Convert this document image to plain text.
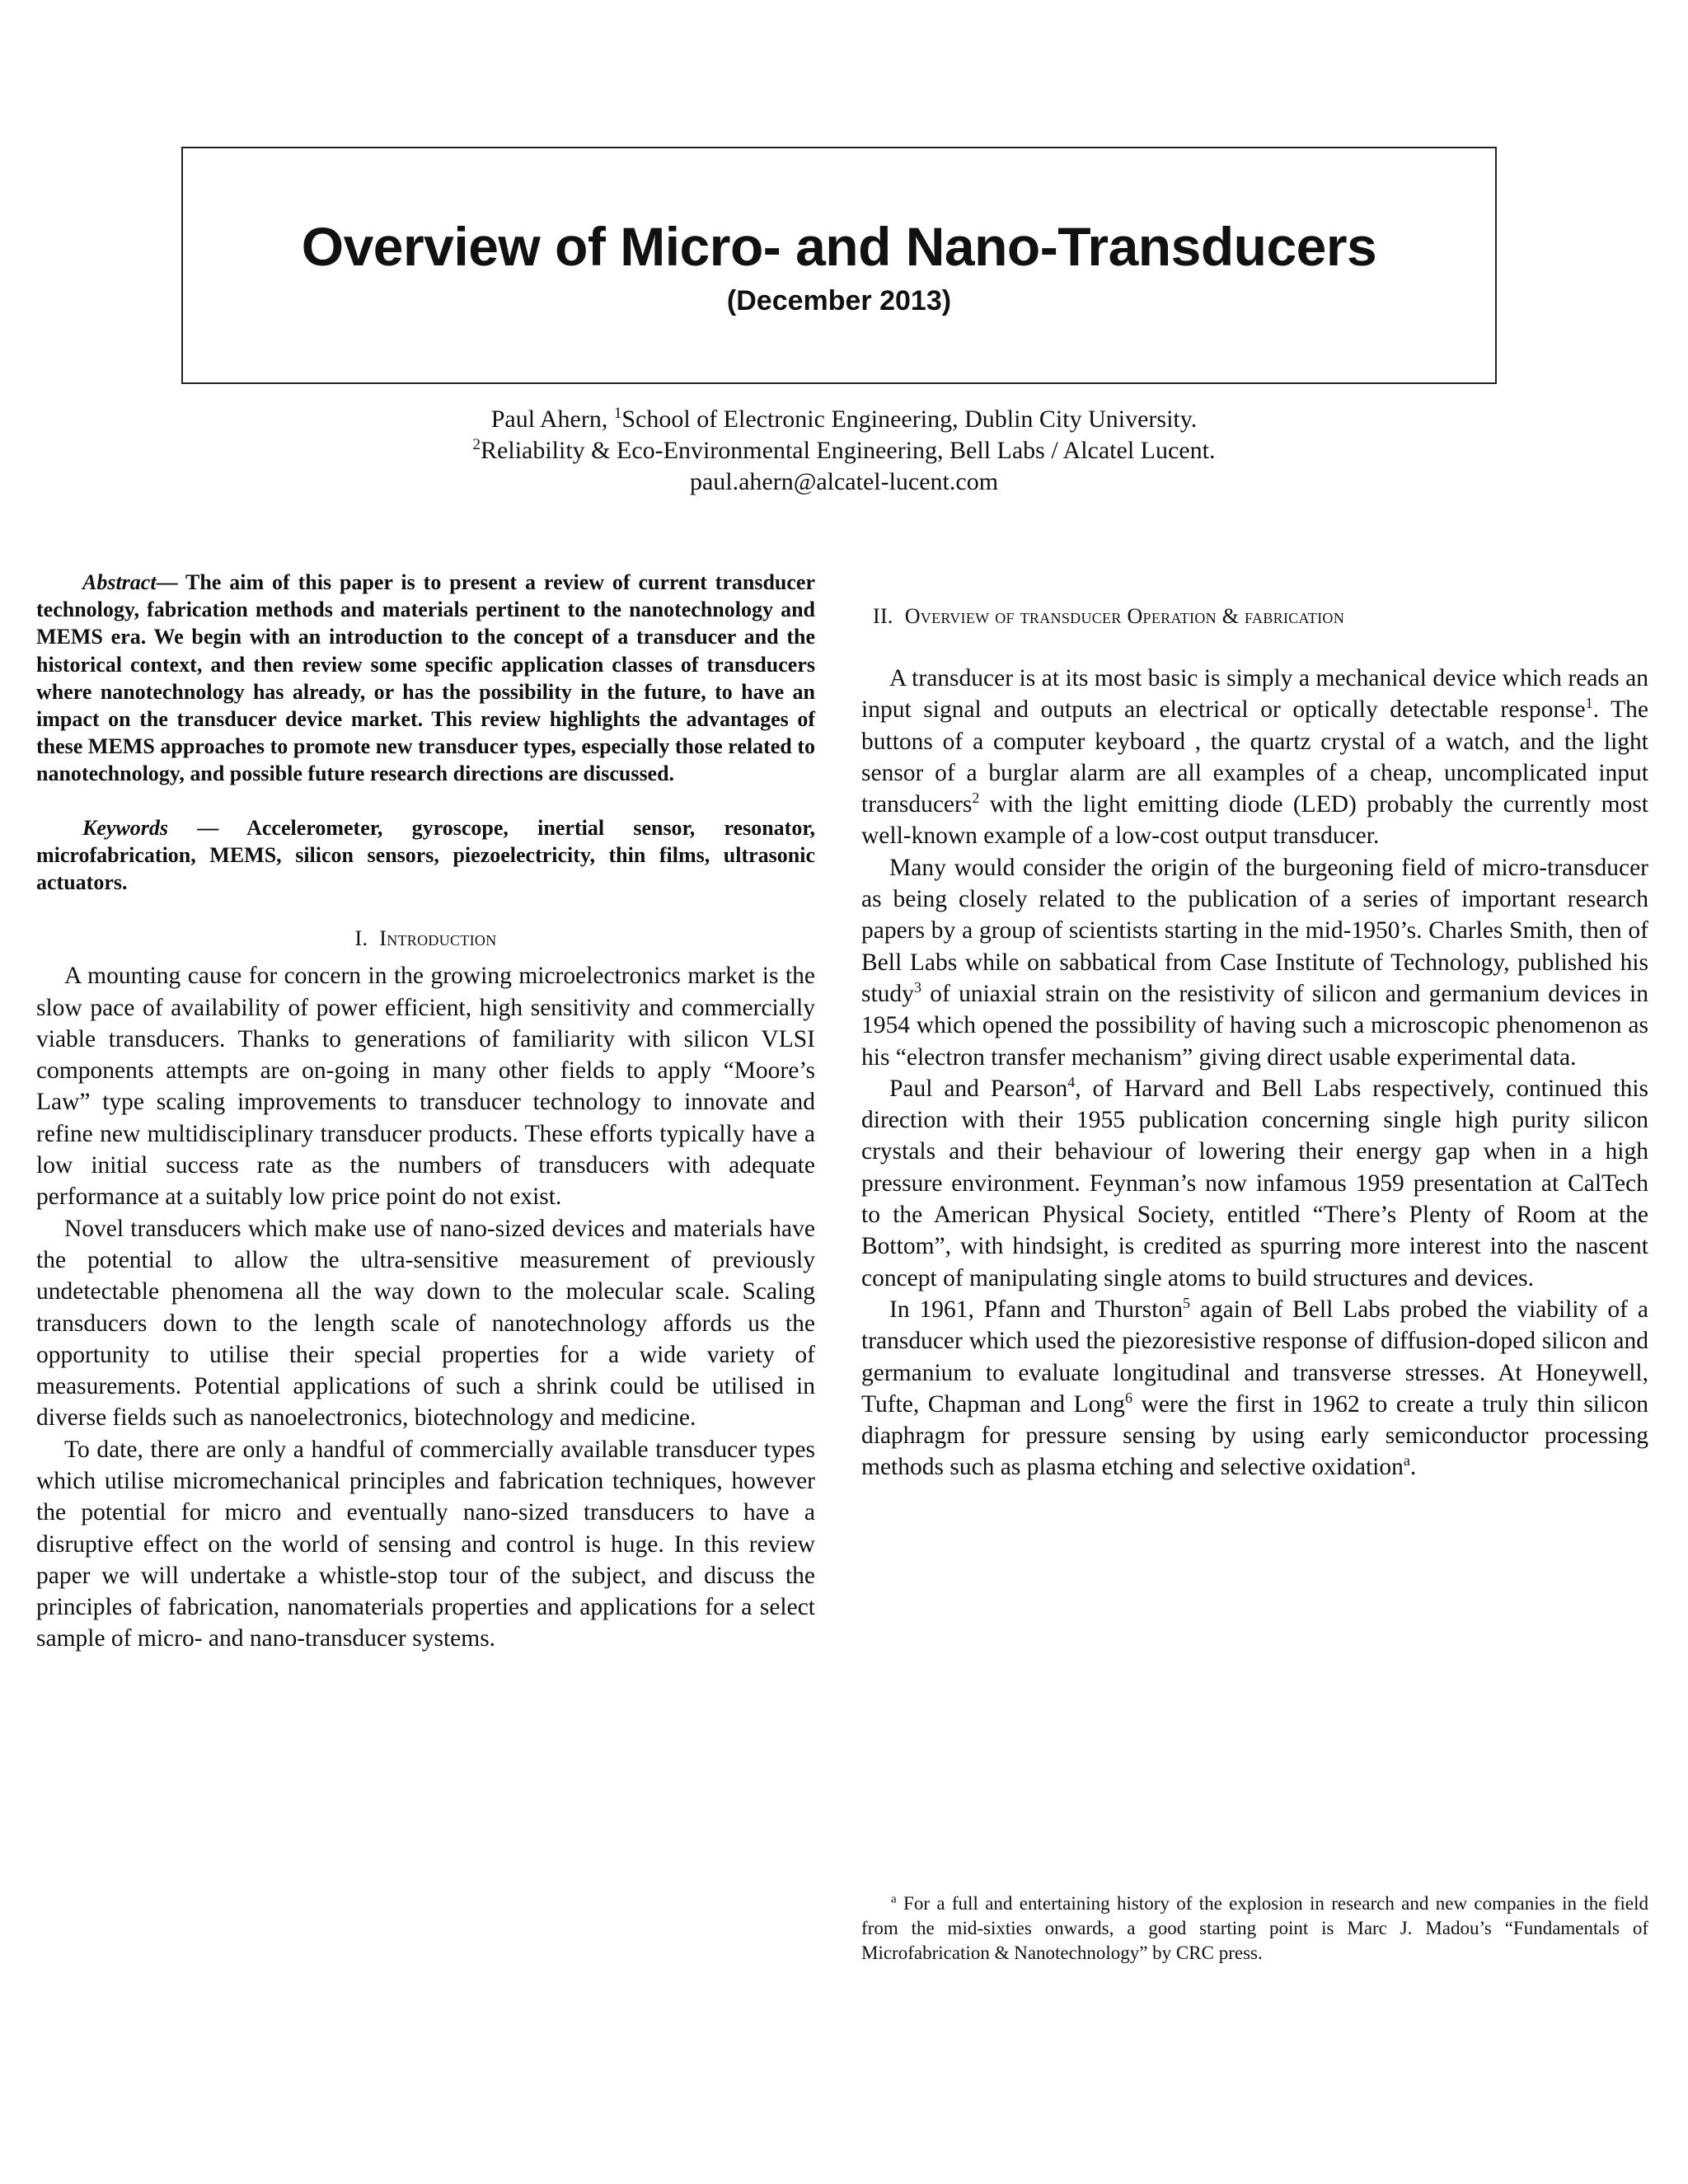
Overview of Micro- and Nano-Transducers
(December 2013)
Paul Ahern, $^1$School of Electronic Engineering, Dublin City University.
$^2$Reliability & Eco-Environmental Engineering, Bell Labs / Alcatel Lucent.
paul.ahern@alcatel-lucent.com

Abstract— The aim of this paper is to present a review of current transducer technology, fabrication methods and materials pertinent to the nanotechnology and MEMS era. We begin with an introduction to the concept of a transducer and the historical context, and then review some specific application classes of transducers where nanotechnology has already, or has the possibility in the future, to have an impact on the transducer device market. This review highlights the advantages of these MEMS approaches to promote new transducer types, especially those related to nanotechnology, and possible future research directions are discussed.

Keywords — Accelerometer, gyroscope, inertial sensor, resonator, microfabrication, MEMS, silicon sensors, piezoelectricity, thin films, ultrasonic actuators.

I. Introduction

A mounting cause for concern in the growing microelectronics market is the slow pace of availability of power efficient, high sensitivity and commercially viable transducers. Thanks to generations of familiarity with silicon VLSI components attempts are on-going in many other fields to apply “Moore’s Law” type scaling improvements to transducer technology to innovate and refine new multidisciplinary transducer products. These efforts typically have a low initial success rate as the numbers of transducers with adequate performance at a suitably low price point do not exist.

Novel transducers which make use of nano-sized devices and materials have the potential to allow the ultra-sensitive measurement of previously undetectable phenomena all the way down to the molecular scale. Scaling transducers down to the length scale of nanotechnology affords us the opportunity to utilise their special properties for a wide variety of measurements. Potential applications of such a shrink could be utilised in diverse fields such as nanoelectronics, biotechnology and medicine.

To date, there are only a handful of commercially available transducer types which utilise micromechanical principles and fabrication techniques, however the potential for micro and eventually nano-sized transducers to have a disruptive effect on the world of sensing and control is huge. In this review paper we will undertake a whistle-stop tour of the subject, and discuss the principles of fabrication, nanomaterials properties and applications for a select sample of micro- and nano-transducer systems.

II. Overview of transducer Operation & fabrication

A transducer is at its most basic is simply a mechanical device which reads an input signal and outputs an electrical or optically detectable response$^1$. The buttons of a computer keyboard , the quartz crystal of a watch, and the light sensor of a burglar alarm are all examples of a cheap, uncomplicated input transducers$^2$ with the light emitting diode (LED) probably the currently most well-known example of a low-cost output transducer.

Many would consider the origin of the burgeoning field of micro-transducer as being closely related to the publication of a series of important research papers by a group of scientists starting in the mid-1950’s. Charles Smith, then of Bell Labs while on sabbatical from Case Institute of Technology, published his study$^3$ of uniaxial strain on the resistivity of silicon and germanium devices in 1954 which opened the possibility of having such a microscopic phenomenon as his “electron transfer mechanism” giving direct usable experimental data.

Paul and Pearson$^4$, of Harvard and Bell Labs respectively, continued this direction with their 1955 publication concerning single high purity silicon crystals and their behaviour of lowering their energy gap when in a high pressure environment. Feynman’s now infamous 1959 presentation at CalTech to the American Physical Society, entitled “There’s Plenty of Room at the Bottom”, with hindsight, is credited as spurring more interest into the nascent concept of manipulating single atoms to build structures and devices.

In 1961, Pfann and Thurston$^5$ again of Bell Labs probed the viability of a transducer which used the piezoresistive response of diffusion-doped silicon and germanium to evaluate longitudinal and transverse stresses. At Honeywell, Tufte, Chapman and Long$^6$ were the first in 1962 to create a truly thin silicon diaphragm for pressure sensing by using early semiconductor processing methods such as plasma etching and selective oxidation$^a$.

$^a$ For a full and entertaining history of the explosion in research and new companies in the field from the mid-sixties onwards, a good starting point is Marc J. Madou’s “Fundamentals of Microfabrication & Nanotechnology” by CRC press.
